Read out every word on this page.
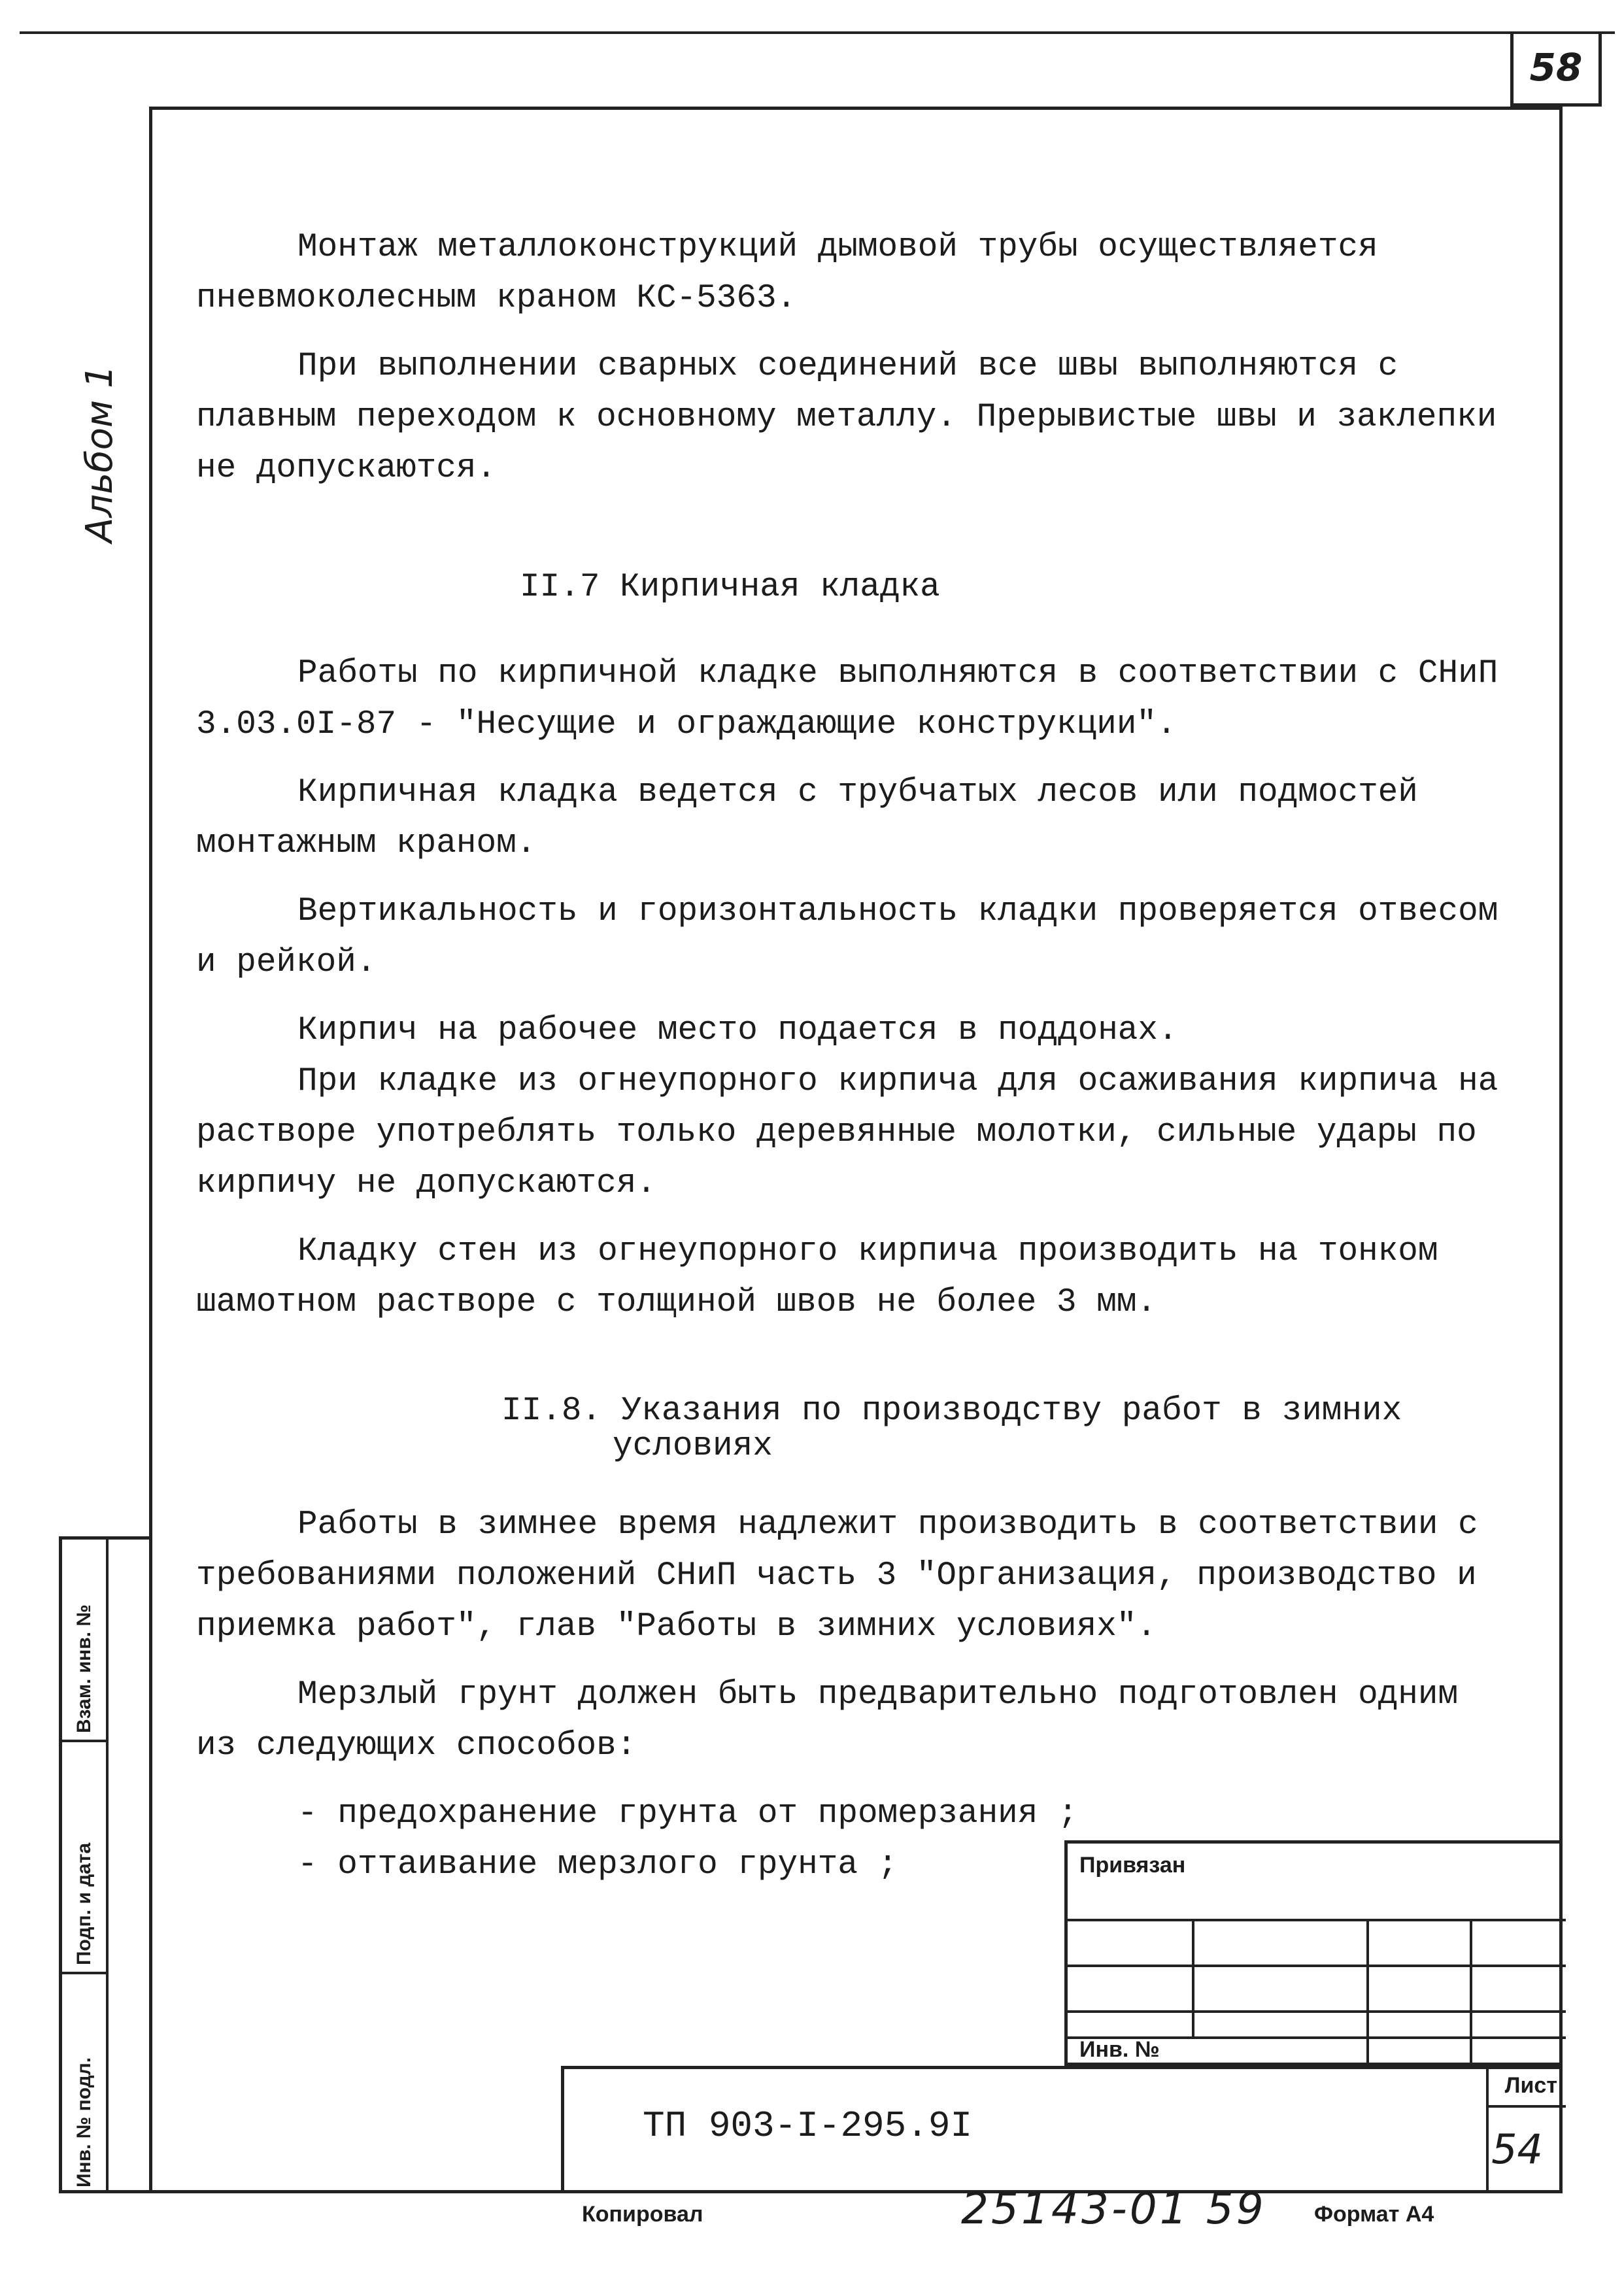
58
Альбом 1
Взам. инв. №
Подп. и дата
Инв. № подл.

Монтаж металлоконструкций дымовой трубы осуществляется пневмоколесным краном КС-5363.

При выполнении сварных соединений все швы выполняются с плавным переходом к основному металлу. Прерывистые швы и заклепки не допускаются.

II.7 Кирпичная кладка

Работы по кирпичной кладке выполняются в соответствии с СНиП 3.03.0I-87 - "Несущие и ограждающие конструкции".

Кирпичная кладка ведется с трубчатых лесов или подмостей монтажным краном.

Вертикальность и горизонтальность кладки проверяется отвесом и рейкой.

Кирпич на рабочее место подается в поддонах.

При кладке из огнеупорного кирпича для осаживания кирпича на растворе употреблять только деревянные молотки, сильные удары по кирпичу не допускаются.

Кладку стен из огнеупорного кирпича производить на тонком шамотном растворе с толщиной швов не более 3 мм.

II.8. Указания по производству работ в зимних
условиях

Работы в зимнее время надлежит производить в соответствии с требованиями положений СНиП часть 3 "Организация, производство и приемка работ", глав "Работы в зимних условиях".

Мерзлый грунт должен быть предварительно подготовлен одним из следующих способов:

- предохранение грунта от промерзания ;
- оттаивание мерзлого грунта ;	Привязан
Инв. №
ТП 903-I-295.9I
Лист
54
Копировал	25143-01 59 Формат А4
